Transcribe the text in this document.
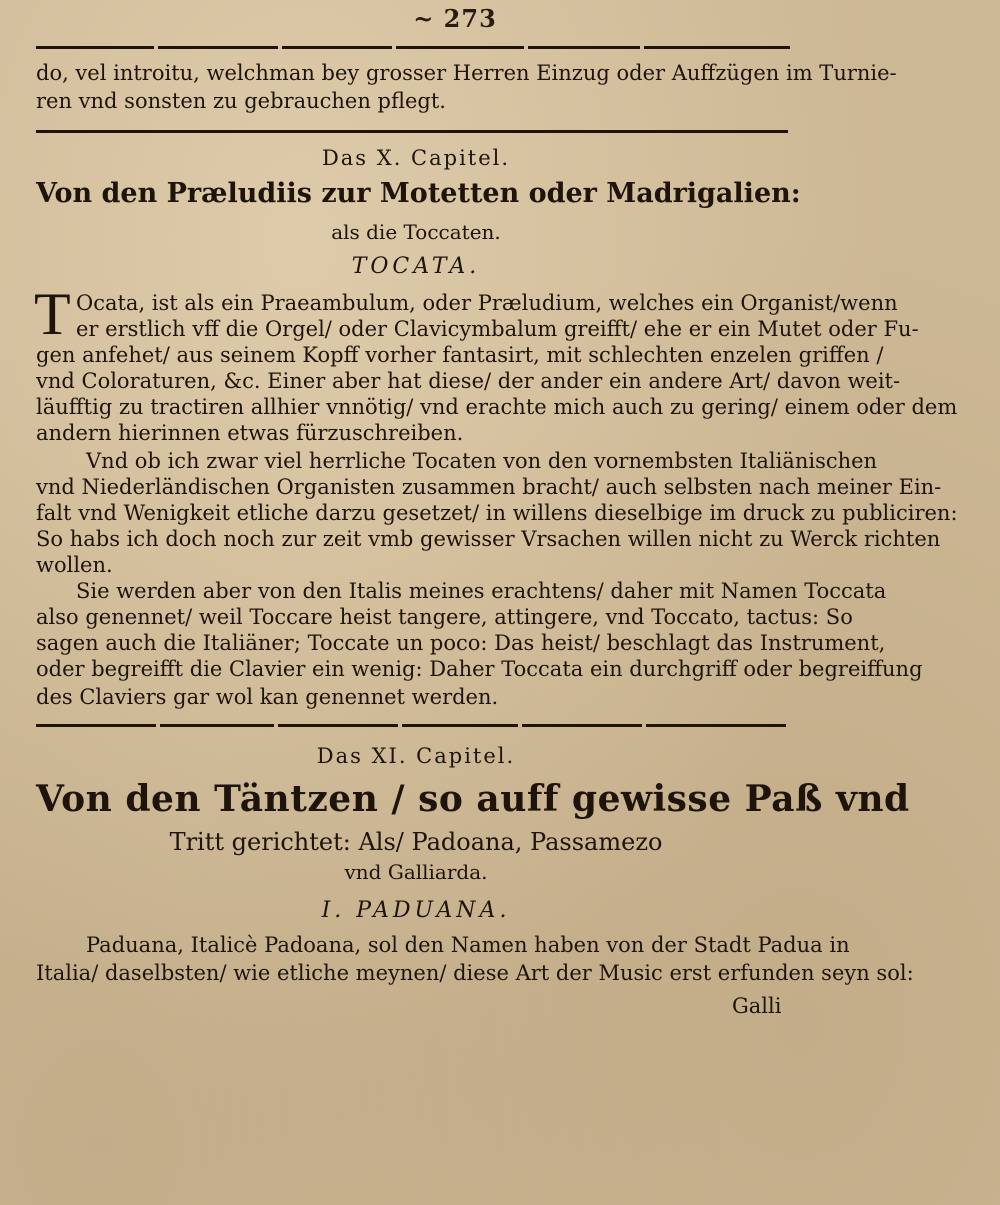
~ 273
do, vel introitu, welchman bey grosser Herren Einzug oder Auffzügen im Turnie-
ren vnd sonsten zu gebrauchen pflegt.
Das X. Capitel.
Von den Præludiis zur Motetten oder Madrigalien:
als die Toccaten.
TOCATA.
T Ocata, ist als ein Praeambulum, oder Præludium, welches ein Organist/wenn
er erstlich vff die Orgel/ oder Clavicymbalum greifft/ ehe er ein Mutet oder Fu-
gen anfehet/ aus seinem Kopff vorher fantasirt, mit schlechten enzelen griffen /
vnd Coloraturen, &c. Einer aber hat diese/ der ander ein andere Art/ davon weit-
läufftig zu tractiren allhier vnnötig/ vnd erachte mich auch zu gering/ einem oder dem
andern hierinnen etwas fürzuschreiben.
Vnd ob ich zwar viel herrliche Tocaten von den vornembsten Italiänischen
vnd Niederländischen Organisten zusammen bracht/ auch selbsten nach meiner Ein-
falt vnd Wenigkeit etliche darzu gesetzet/ in willens dieselbige im druck zu publiciren:
So habs ich doch noch zur zeit vmb gewisser Vrsachen willen nicht zu Werck richten
wollen.
Sie werden aber von den Italis meines erachtens/ daher mit Namen Toccata
also genennet/ weil Toccare heist tangere, attingere, vnd Toccato, tactus: So
sagen auch die Italiäner; Toccate un poco: Das heist/ beschlagt das Instrument,
oder begreifft die Clavier ein wenig: Daher Toccata ein durchgriff oder begreiffung
des Claviers gar wol kan genennet werden.
Das XI. Capitel.
Von den Täntzen / so auff gewisse Paß vnd
Tritt gerichtet: Als/ Padoana, Passamezo
vnd Galliarda.
I. PADUANA.
Paduana, Italicè Padoana, sol den Namen haben von der Stadt Padua in
Italia/ daselbsten/ wie etliche meynen/ diese Art der Music erst erfunden seyn sol:
Galli
